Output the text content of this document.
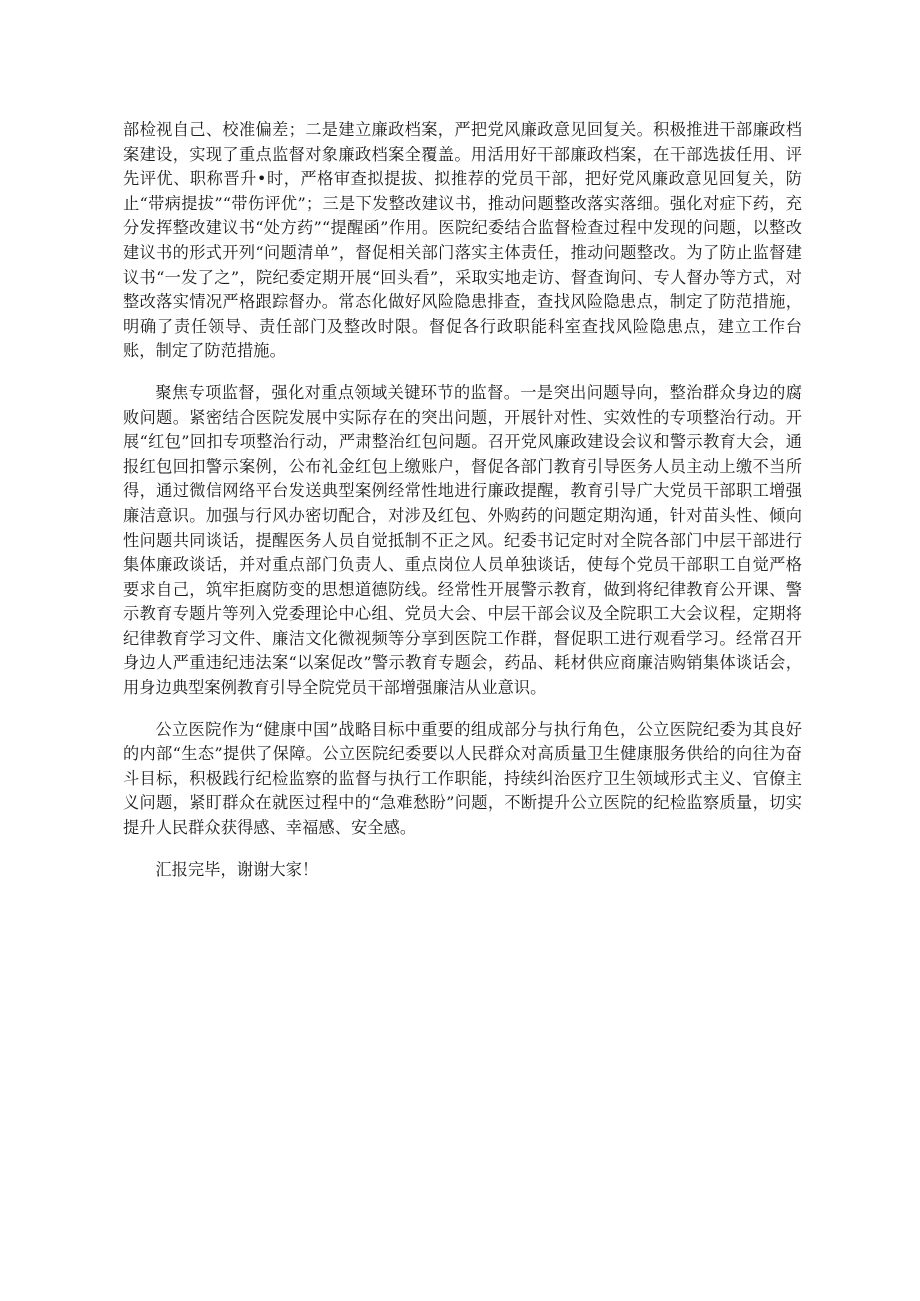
部检视自己、校准偏差；二是建立廉政档案，严把党风廉政意见回复关。积极推进干部廉政档案建设，实现了重点监督对象廉政档案全覆盖。用活用好干部廉政档案，在干部选拔任用、评先评优、职称晋升•时，严格审查拟提拔、拟推荐的党员干部，把好党风廉政意见回复关，防止“带病提拔”“带伤评优”；三是下发整改建议书，推动问题整改落实落细。强化对症下药，充分发挥整改建议书“处方药”“提醒函”作用。医院纪委结合监督检查过程中发现的问题，以整改建议书的形式开列“问题清单”，督促相关部门落实主体责任，推动问题整改。为了防止监督建议书“一发了之”，院纪委定期开展“回头看”，采取实地走访、督查询问、专人督办等方式，对整改落实情况严格跟踪督办。常态化做好风险隐患排查，查找风险隐患点，制定了防范措施，明确了责任领导、责任部门及整改时限。督促各行政职能科室查找风险隐患点，建立工作台账，制定了防范措施。

聚焦专项监督，强化对重点领域关键环节的监督。一是突出问题导向，整治群众身边的腐败问题。紧密结合医院发展中实际存在的突出问题，开展针对性、实效性的专项整治行动。开展“红包”回扣专项整治行动，严肃整治红包问题。召开党风廉政建设会议和警示教育大会，通报红包回扣警示案例，公布礼金红包上缴账户，督促各部门教育引导医务人员主动上缴不当所得，通过微信网络平台发送典型案例经常性地进行廉政提醒，教育引导广大党员干部职工增强廉洁意识。加强与行风办密切配合，对涉及红包、外购药的问题定期沟通，针对苗头性、倾向性问题共同谈话，提醒医务人员自觉抵制不正之风。纪委书记定时对全院各部门中层干部进行集体廉政谈话，并对重点部门负责人、重点岗位人员单独谈话，使每个党员干部职工自觉严格要求自己，筑牢拒腐防变的思想道德防线。经常性开展警示教育，做到将纪律教育公开课、警示教育专题片等列入党委理论中心组、党员大会、中层干部会议及全院职工大会议程，定期将纪律教育学习文件、廉洁文化微视频等分享到医院工作群，督促职工进行观看学习。经常召开身边人严重违纪违法案“以案促改”警示教育专题会，药品、耗材供应商廉洁购销集体谈话会，用身边典型案例教育引导全院党员干部增强廉洁从业意识。

公立医院作为“健康中国”战略目标中重要的组成部分与执行角色，公立医院纪委为其良好的内部“生态”提供了保障。公立医院纪委要以人民群众对高质量卫生健康服务供给的向往为奋斗目标，积极践行纪检监察的监督与执行工作职能，持续纠治医疗卫生领域形式主义、官僚主义问题，紧盯群众在就医过程中的“急难愁盼”问题，不断提升公立医院的纪检监察质量，切实提升人民群众获得感、幸福感、安全感。

汇报完毕，谢谢大家！
